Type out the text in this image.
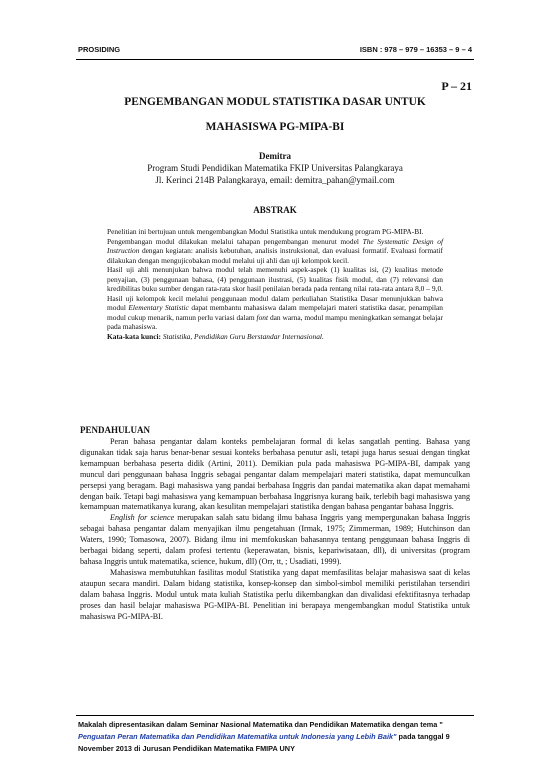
PROSIDING	ISBN : 978 – 979 – 16353 – 9 – 4
P – 21
PENGEMBANGAN MODUL STATISTIKA DASAR UNTUK
MAHASISWA PG-MIPA-BI
Demitra
Program Studi Pendidikan Matematika FKIP Universitas Palangkaraya
Jl. Kerinci 214B Palangkaraya, email: demitra_pahan@ymail.com
ABSTRAK

Penelitian ini bertujuan untuk mengembangkan Modul Statistika untuk mendukung program PG-MIPA-BI.

Pengembangan modul dilakukan melalui tahapan pengembangan menurut model The Systematic Design of Instruction dengan kegiatan: analisis kebutuhan, analisis instruksional, dan evaluasi formatif. Evaluasi formatif dilakukan dengan mengujicobakan modul melalui uji ahli dan uji kelompok kecil.

Hasil uji ahli menunjukan bahwa modul telah memenuhi aspek-aspek (1) kualitas isi, (2) kualitas metode penyajian, (3) penggunaan bahasa, (4) penggunaan ilustrasi, (5) kualitas fisik modul, dan (7) relevansi dan kredibilitas buku sumber dengan rata-rata skor hasil penilaian berada pada rentang nilai rata-rata antara 8,0 – 9,0. Hasil uji kelompok kecil melalui penggunaan modul dalam perkuliahan Statistika Dasar menunjukkan bahwa modul Elementary Statistic dapat membantu mahasiswa dalam mempelajari materi statistika dasar, penampilan modul cukup menarik, namun perlu variasi dalam font dan warna, modul mampu meningkatkan semangat belajar pada mahasiswa.

Kata-kata kunci: Statistika, Pendidikan Guru Berstandar Internasional.

PENDAHULUAN

Peran bahasa pengantar dalam konteks pembelajaran formal di kelas sangatlah penting. Bahasa yang digunakan tidak saja harus benar-benar sesuai konteks berbahasa penutur asli, tetapi juga harus sesuai dengan tingkat kemampuan berbahasa peserta didik (Artini, 2011). Demikian pula pada mahasiswa PG-MIPA-BI, dampak yang muncul dari penggunaan bahasa Inggris sebagai pengantar dalam mempelajari materi statistika, dapat memunculkan persepsi yang beragam. Bagi mahasiswa yang pandai berbahasa Inggris dan pandai matematika akan dapat memahami dengan baik. Tetapi bagi mahasiswa yang kemampuan berbahasa Inggrisnya kurang baik, terlebih bagi mahasiswa yang kemampuan matematikanya kurang, akan kesulitan mempelajari statistika dengan bahasa pengantar bahasa Inggris.

English for science merupakan salah satu bidang ilmu bahasa Inggris yang mempergunakan bahasa Inggris sebagai bahasa pengantar dalam menyajikan ilmu pengetahuan (Irmak, 1975; Zimmerman, 1989; Hutchinson dan Waters, 1990; Tomasowa, 2007). Bidang ilmu ini memfokuskan bahasannya tentang penggunaan bahasa Inggris di berbagai bidang seperti, dalam profesi tertentu (keperawatan, bisnis, kepariwisataan, dll), di universitas (program bahasa Inggris untuk matematika, science, hukum, dll) (Orr, tt, ; Usadiati, 1999).

Mahasiswa membutuhkan fasilitas modul Statistika yang dapat memfasilitas belajar mahasiswa saat di kelas ataupun secara mandiri. Dalam bidang statistika, konsep-konsep dan simbol-simbol memiliki peristilahan tersendiri dalam bahasa Inggris. Modul untuk mata kuliah Statistika perlu dikembangkan dan divalidasi efektifitasnya terhadap proses dan hasil belajar mahasiswa PG-MIPA-BI. Penelitian ini berapaya mengembangkan modul Statistika untuk mahasiswa PG-MIPA-BI.

Makalah dipresentasikan dalam Seminar Nasional Matematika dan Pendidikan Matematika dengan tema " Penguatan Peran Matematika dan Pendidikan Matematika untuk Indonesia yang Lebih Baik" pada tanggal 9 November 2013 di Jurusan Pendidikan Matematika FMIPA UNY
